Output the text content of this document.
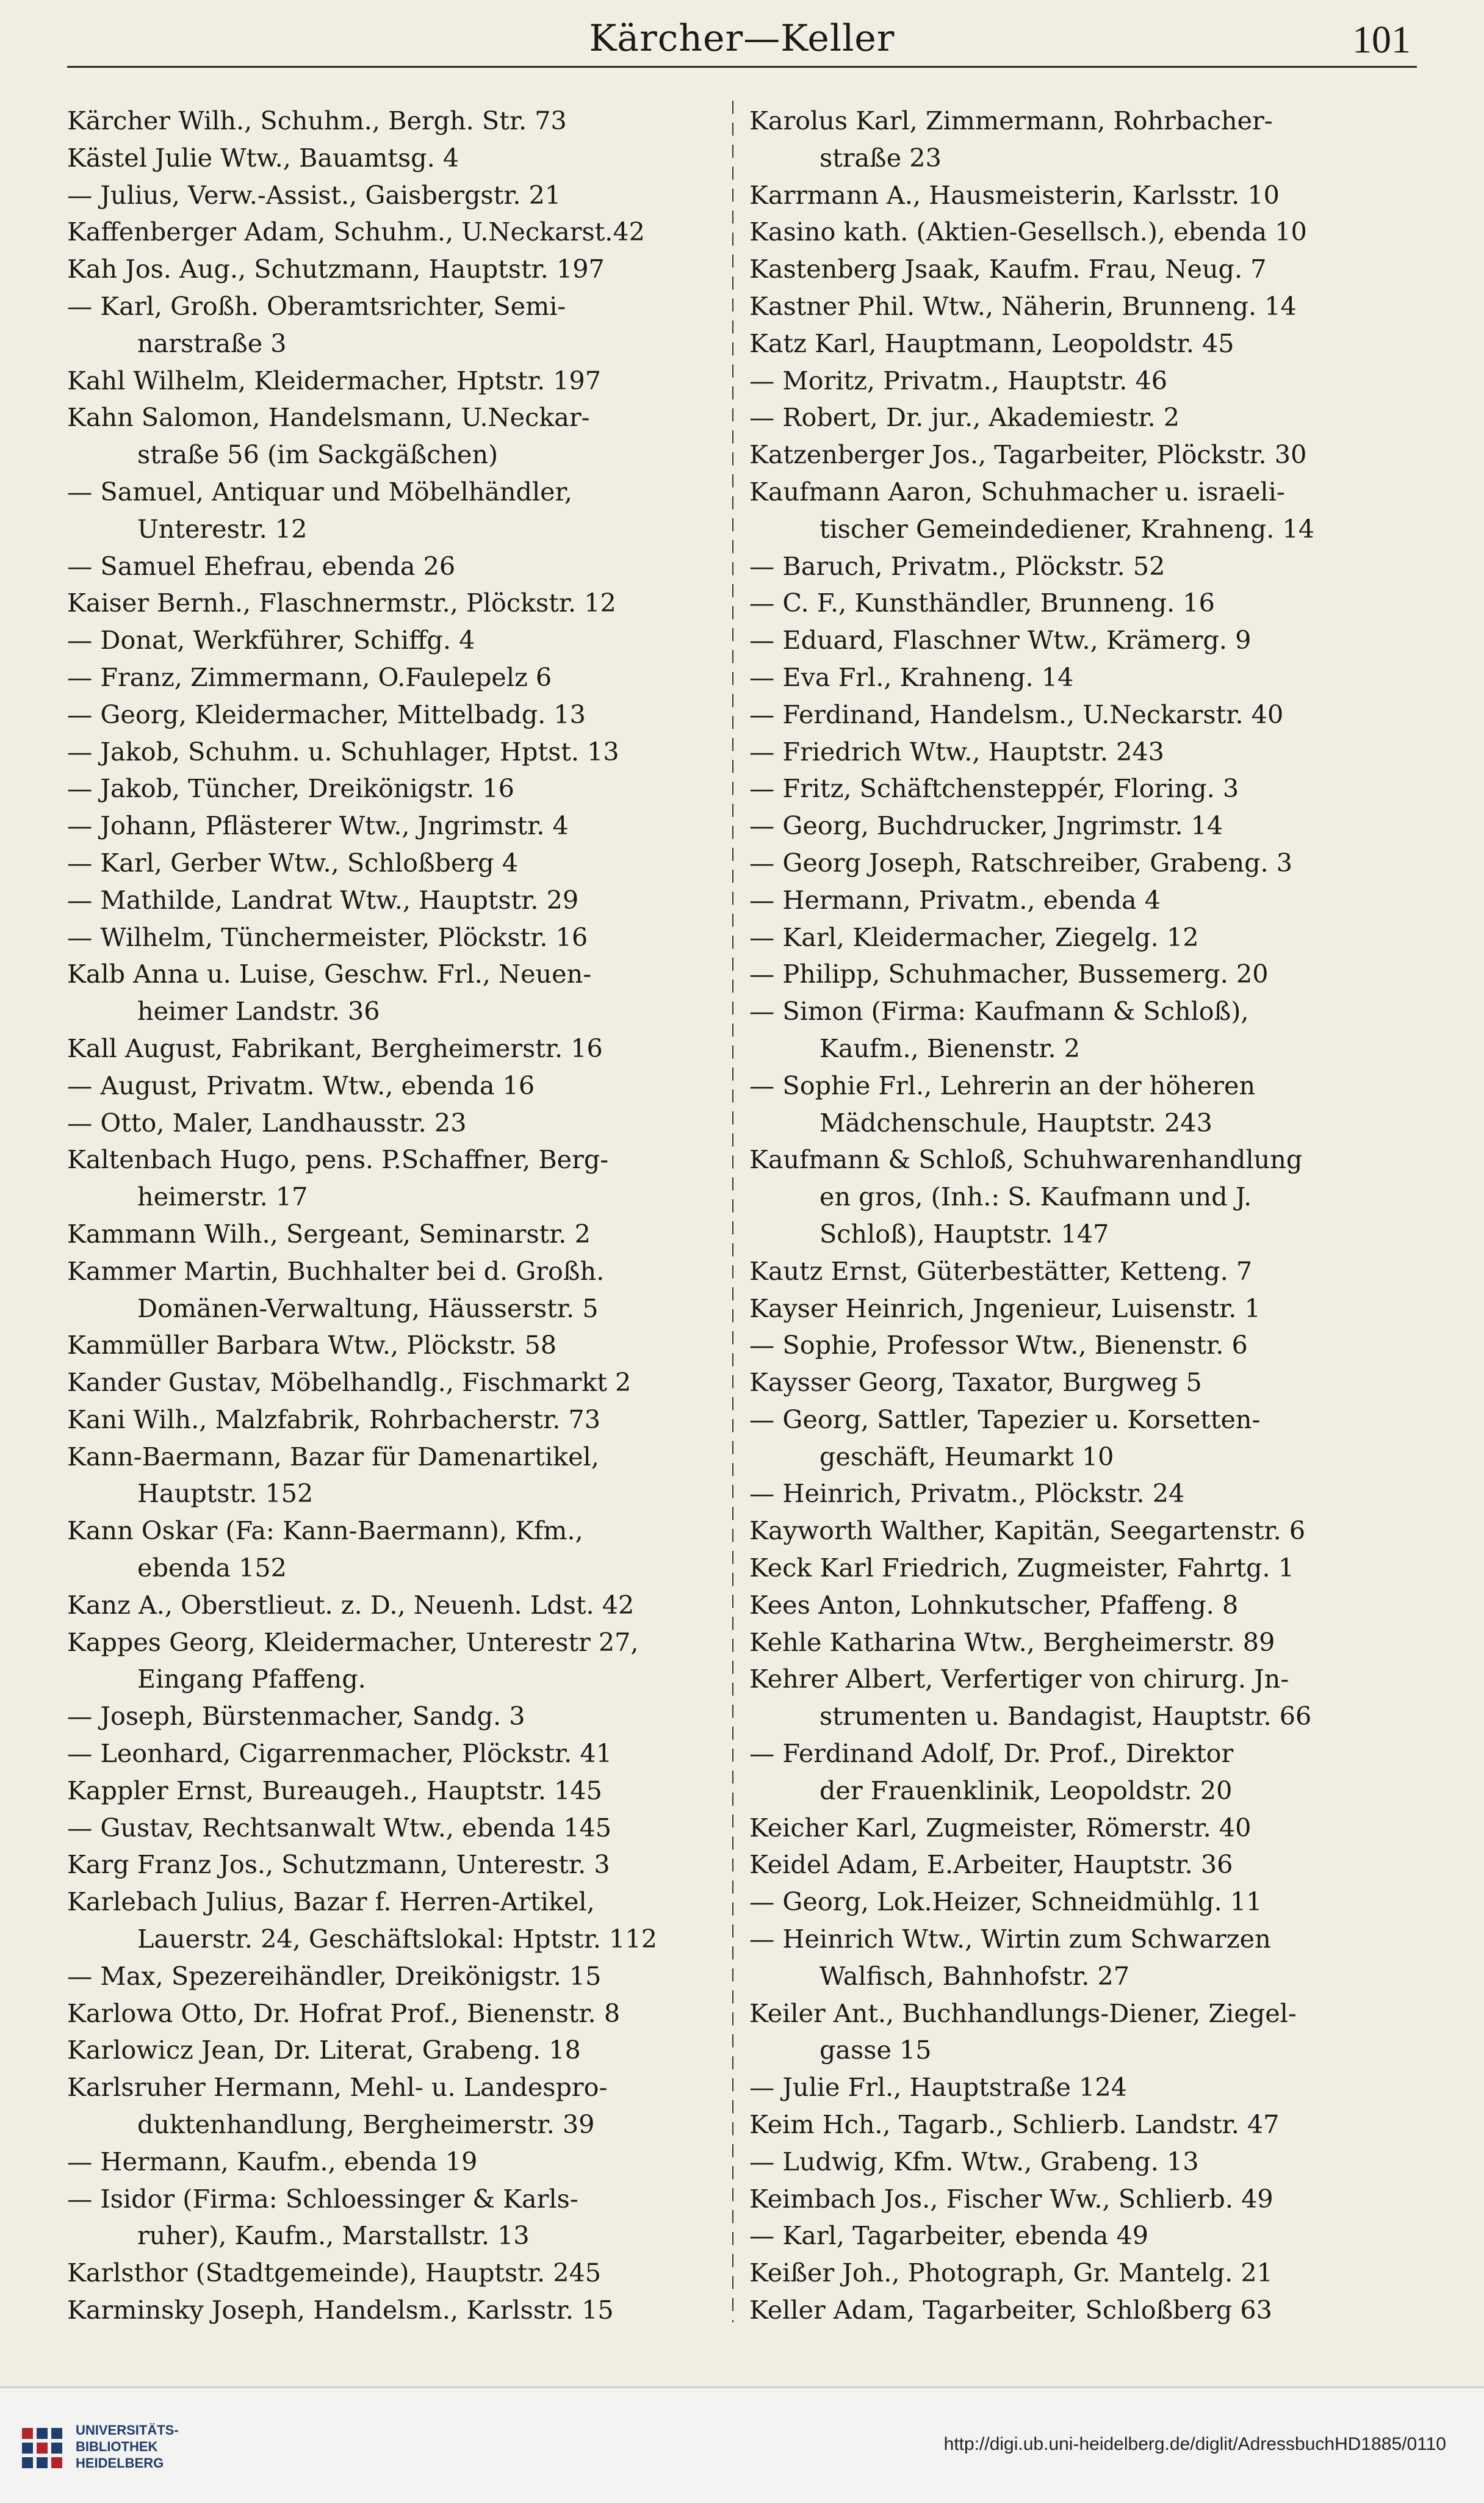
Kärcher—Keller	101
Kärcher Wilh., Schuhm., Bergh. Str. 73
Kästel Julie Wtw., Bauamtsg. 4
— Julius, Verw.-Assist., Gaisbergstr. 21
Kaffenberger Adam, Schuhm., U.Neckarst.42
Kah Jos. Aug., Schutzmann, Hauptstr. 197
— Karl, Großh. Oberamtsrichter, Semi-
narstraße 3
Kahl Wilhelm, Kleidermacher, Hptstr. 197
Kahn Salomon, Handelsmann, U.Neckar-
straße 56 (im Sackgäßchen)
— Samuel, Antiquar und Möbelhändler,
Unterestr. 12
— Samuel Ehefrau, ebenda 26
Kaiser Bernh., Flaschnermstr., Plöckstr. 12
— Donat, Werkführer, Schiffg. 4
— Franz, Zimmermann, O.Faulepelz 6
— Georg, Kleidermacher, Mittelbadg. 13
— Jakob, Schuhm. u. Schuhlager, Hptst. 13
— Jakob, Tüncher, Dreikönigstr. 16
— Johann, Pflästerer Wtw., Jngrimstr. 4
— Karl, Gerber Wtw., Schloßberg 4
— Mathilde, Landrat Wtw., Hauptstr. 29
— Wilhelm, Tünchermeister, Plöckstr. 16
Kalb Anna u. Luise, Geschw. Frl., Neuen-
heimer Landstr. 36
Kall August, Fabrikant, Bergheimerstr. 16
— August, Privatm. Wtw., ebenda 16
— Otto, Maler, Landhausstr. 23
Kaltenbach Hugo, pens. P.Schaffner, Berg-
heimerstr. 17
Kammann Wilh., Sergeant, Seminarstr. 2
Kammer Martin, Buchhalter bei d. Großh.
Domänen-Verwaltung, Häusserstr. 5
Kammüller Barbara Wtw., Plöckstr. 58
Kander Gustav, Möbelhandlg., Fischmarkt 2
Kani Wilh., Malzfabrik, Rohrbacherstr. 73
Kann-Baermann, Bazar für Damenartikel,
Hauptstr. 152
Kann Oskar (Fa: Kann-Baermann), Kfm.,
ebenda 152
Kanz A., Oberstlieut. z. D., Neuenh. Ldst. 42
Kappes Georg, Kleidermacher, Unterestr 27,
Eingang Pfaffeng.
— Joseph, Bürstenmacher, Sandg. 3
— Leonhard, Cigarrenmacher, Plöckstr. 41
Kappler Ernst, Bureaugeh., Hauptstr. 145
— Gustav, Rechtsanwalt Wtw., ebenda 145
Karg Franz Jos., Schutzmann, Unterestr. 3
Karlebach Julius, Bazar f. Herren-Artikel,
Lauerstr. 24, Geschäftslokal: Hptstr. 112
— Max, Spezereihändler, Dreikönigstr. 15
Karlowa Otto, Dr. Hofrat Prof., Bienenstr. 8
Karlowicz Jean, Dr. Literat, Grabeng. 18
Karlsruher Hermann, Mehl- u. Landespro-
duktenhandlung, Bergheimerstr. 39
— Hermann, Kaufm., ebenda 19
— Isidor (Firma: Schloessinger & Karls-
ruher), Kaufm., Marstallstr. 13
Karlsthor (Stadtgemeinde), Hauptstr. 245
Karminsky Joseph, Handelsm., Karlsstr. 15
Karolus Karl, Zimmermann, Rohrbacher-
straße 23
Karrmann A., Hausmeisterin, Karlsstr. 10
Kasino kath. (Aktien-Gesellsch.), ebenda 10
Kastenberg Jsaak, Kaufm. Frau, Neug. 7
Kastner Phil. Wtw., Näherin, Brunneng. 14
Katz Karl, Hauptmann, Leopoldstr. 45
— Moritz, Privatm., Hauptstr. 46
— Robert, Dr. jur., Akademiestr. 2
Katzenberger Jos., Tagarbeiter, Plöckstr. 30
Kaufmann Aaron, Schuhmacher u. israeli-
tischer Gemeindediener, Krahneng. 14
— Baruch, Privatm., Plöckstr. 52
— C. F., Kunsthändler, Brunneng. 16
— Eduard, Flaschner Wtw., Krämerg. 9
— Eva Frl., Krahneng. 14
— Ferdinand, Handelsm., U.Neckarstr. 40
— Friedrich Wtw., Hauptstr. 243
— Fritz, Schäftchensteppér, Floring. 3
— Georg, Buchdrucker, Jngrimstr. 14
— Georg Joseph, Ratschreiber, Grabeng. 3
— Hermann, Privatm., ebenda 4
— Karl, Kleidermacher, Ziegelg. 12
— Philipp, Schuhmacher, Bussemerg. 20
— Simon (Firma: Kaufmann & Schloß),
Kaufm., Bienenstr. 2
— Sophie Frl., Lehrerin an der höheren
Mädchenschule, Hauptstr. 243
Kaufmann & Schloß, Schuhwarenhandlung
en gros, (Inh.: S. Kaufmann und J.
Schloß), Hauptstr. 147
Kautz Ernst, Güterbestätter, Ketteng. 7
Kayser Heinrich, Jngenieur, Luisenstr. 1
— Sophie, Professor Wtw., Bienenstr. 6
Kaysser Georg, Taxator, Burgweg 5
— Georg, Sattler, Tapezier u. Korsetten-
geschäft, Heumarkt 10
— Heinrich, Privatm., Plöckstr. 24
Kayworth Walther, Kapitän, Seegartenstr. 6
Keck Karl Friedrich, Zugmeister, Fahrtg. 1
Kees Anton, Lohnkutscher, Pfaffeng. 8
Kehle Katharina Wtw., Bergheimerstr. 89
Kehrer Albert, Verfertiger von chirurg. Jn-
strumenten u. Bandagist, Hauptstr. 66
— Ferdinand Adolf, Dr. Prof., Direktor
der Frauenklinik, Leopoldstr. 20
Keicher Karl, Zugmeister, Römerstr. 40
Keidel Adam, E.Arbeiter, Hauptstr. 36
— Georg, Lok.Heizer, Schneidmühlg. 11
— Heinrich Wtw., Wirtin zum Schwarzen
Walfisch, Bahnhofstr. 27
Keiler Ant., Buchhandlungs-Diener, Ziegel-
gasse 15
— Julie Frl., Hauptstraße 124
Keim Hch., Tagarb., Schlierb. Landstr. 47
— Ludwig, Kfm. Wtw., Grabeng. 13
Keimbach Jos., Fischer Ww., Schlierb. 49
— Karl, Tagarbeiter, ebenda 49
Keißer Joh., Photograph, Gr. Mantelg. 21
Keller Adam, Tagarbeiter, Schloßberg 63
UNIVERSITÄTS-
BIBLIOTHEK
HEIDELBERG
http://digi.ub.uni-heidelberg.de/diglit/AdressbuchHD1885/0110
